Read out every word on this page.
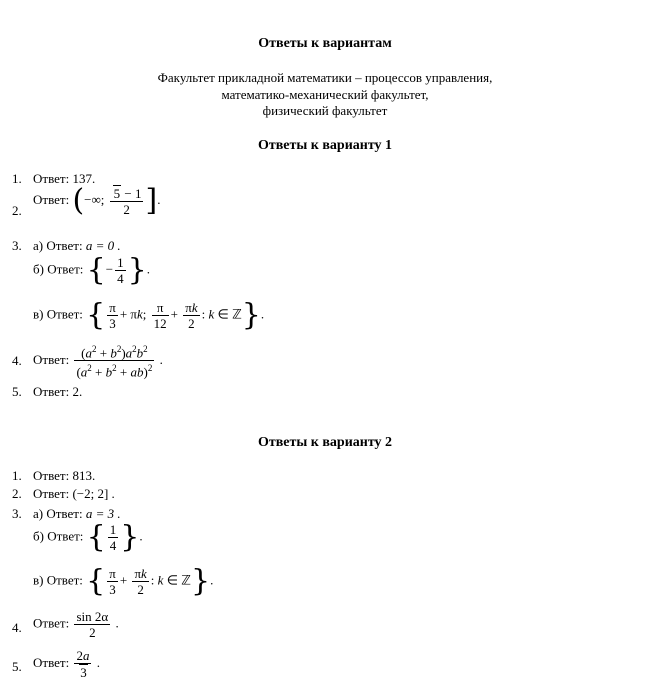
Ответы к вариантам
Факультет прикладной математики – процессов управления,
математико-механический факультет,
физический факультет
Ответы к варианту 1
1. Ответ: 137.
2.
Ответ: (−∞; $\frac{5 - 1}{2}$ ].
3. а) Ответ: a = 0 .
б) Ответ: {− $\frac{1}{4}$ }.
в) Ответ: { $\frac{\pi}{3} + \pi k$; $\frac{\pi}{12} + \frac{\pi k}{2}$ : k ∈ ℤ}.
4. Ответ: $\frac{(a^2 + b^2)a^2b^2}{(a^2 + b^2 + ab)^2}$ .
5. Ответ: 2.
Ответы к варианту 2
1. Ответ: 813.
2. Ответ: (−2; 2] .
3. а) Ответ: a = 3 .
б) Ответ: { $\frac{1}{4}$ }.
в) Ответ: { $\frac{\pi}{3} + \frac{\pi k}{2}$ : k ∈ ℤ}.
4. Ответ: $\frac{\sin 2\alpha}{2}$ .
5. Ответ: $\frac{2a}{3}$ .
